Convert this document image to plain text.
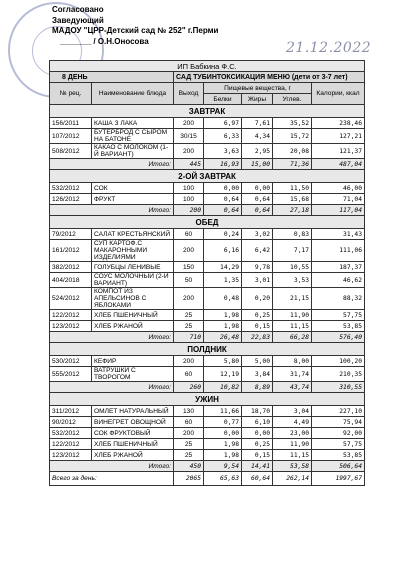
Согласовано
Заведующий
МАДОУ "ЦРР-Детский сад № 252" г.Перми
_______ / О.Н.Оносова	21.12.2022
ИП Бабкина Ф.С.						
8 ДЕНЬ		САД ТУБИНТОКСИКАЦИЯ МЕНЮ (дети от 3-7 лет)				
№ рец.	Наименование блюда	Выход	Пищевые вещества, г			Калории, ккал
			Белки	Жиры	Углев.	
ЗАВТРАК						
156/2011	КАША З ЛАКА	200	6,97	7,61	35,52	238,46
107/2012	БУТЕРБРОД С СЫРОМ НА БАТОНЕ	30/15	6,33	4,34	15,72	127,21
508/2012	КАКАО С МОЛОКОМ (1-Й ВАРИАНТ)	200	3,63	2,95	20,08	121,37
Итого:		445	16,93	15,00	71,36	487,04
2-ОЙ ЗАВТРАК						
532/2012	СОК	100	0,00	0,00	11,50	46,00
126/2012	ФРУКТ	100	0,64	0,64	15,68	71,04
Итого:		200	0,64	0,64	27,18	117,04
ОБЕД						
79/2012	САЛАТ КРЕСТЬЯНСКИЙ	60	0,24	3,02	0,83	31,43
161/2012	СУП КАРТОФ.С МАКАРОННЫМИ ИЗДЕЛИЯМИ	200	6,16	6,42	7,17	111,06
382/2012	ГОЛУБЦЫ ЛЕНИВЫЕ	150	14,29	9,78	10,55	187,37
404/2018	СОУС МОЛОЧНЫЙ (2-Й ВАРИАНТ)	50	1,35	3,01	3,53	46,62
524/2012	КОМПОТ ИЗ АПЕЛЬСИНОВ С ЯБЛОКАМИ	200	0,48	0,20	21,15	88,32
122/2012	ХЛЕБ ПШЕНИЧНЫЙ	25	1,98	0,25	11,90	57,75
123/2012	ХЛЕБ РЖАНОЙ	25	1,98	0,15	11,15	53,85
Итого:		710	26,48	22,83	66,28	576,40
ПОЛДНИК						
530/2012	КЕФИР	200	5,80	5,00	8,00	100,20
555/2012	ВАТРУШКИ С ТВОРОГОМ	60	12,19	3,84	31,74	210,35
Итого:		260	10,82	8,89	43,74	310,55
УЖИН						
311/2012	ОМЛЕТ НАТУРАЛЬНЫЙ	130	11,66	18,70	3,04	227,10
90/2012	ВИНЕГРЕТ ОВОЩНОЙ	60	0,77	6,10	4,49	75,94
532/2012	СОК ФРУКТОВЫЙ	200	0,00	0,00	23,00	92,00
122/2012	ХЛЕБ ПШЕНИЧНЫЙ	25	1,98	0,25	11,90	57,75
123/2012	ХЛЕБ РЖАНОЙ	25	1,98	0,15	11,15	53,85
Итого:		450	9,54	14,41	53,58	506,64
Всего за день:		2065	65,63	60,64	262,14	1997,67
